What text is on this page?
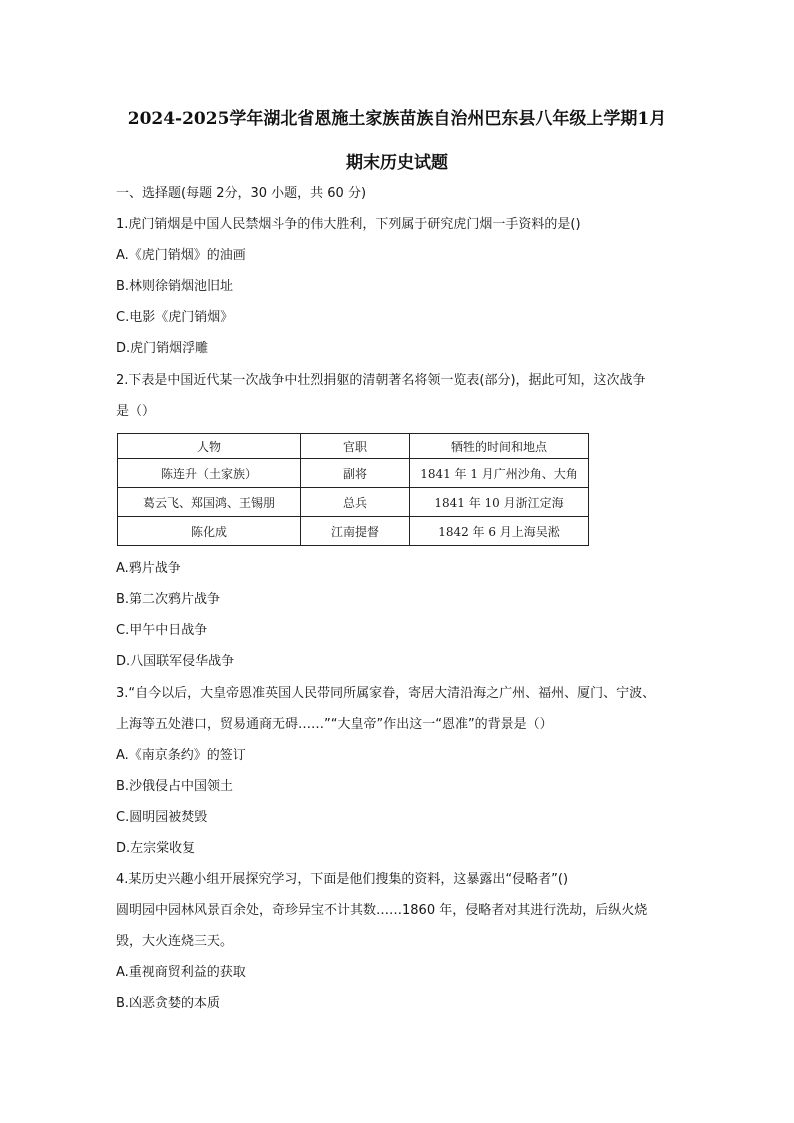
2024-2025学年湖北省恩施土家族苗族自治州巴东县八年级上学期1月
期末历史试题
一、选择题(每题 2分，30 小题，共 60 分)
1.虎门销烟是中国人民禁烟斗争的伟大胜利，下列属于研究虎门烟一手资料的是()
A.《虎门销烟》的油画
B.林则徐销烟池旧址
C.电影《虎门销烟》
D.虎门销烟浮雕
2.下表是中国近代某一次战争中壮烈捐躯的清朝著名将领一览表(部分)，据此可知，这次战争
是（）
人物	官职	牺牲的时间和地点
陈连升（土家族）	副将	1841 年 1 月广州沙角、大角
葛云飞、郑国鸿、王锡朋	总兵	1841 年 10 月浙江定海
陈化成	江南提督	1842 年 6 月上海吴淞
A.鸦片战争
B.第二次鸦片战争
C.甲午中日战争
D.八国联军侵华战争
3.“自今以后，大皇帝恩准英国人民带同所属家眷，寄居大清沿海之广州、福州、厦门、宁波、
上海等五处港口，贸易通商无碍……”“大皇帝”作出这一“恩准”的背景是（）
A.《南京条约》的签订
B.沙俄侵占中国领土
C.圆明园被焚毁
D.左宗棠收复
4.某历史兴趣小组开展探究学习，下面是他们搜集的资料，这暴露出“侵略者”()
圆明园中园林风景百余处，奇珍异宝不计其数……1860 年，侵略者对其进行洗劫，后纵火烧
毁，大火连烧三天。
A.重视商贸利益的获取
B.凶恶贪婪的本质
